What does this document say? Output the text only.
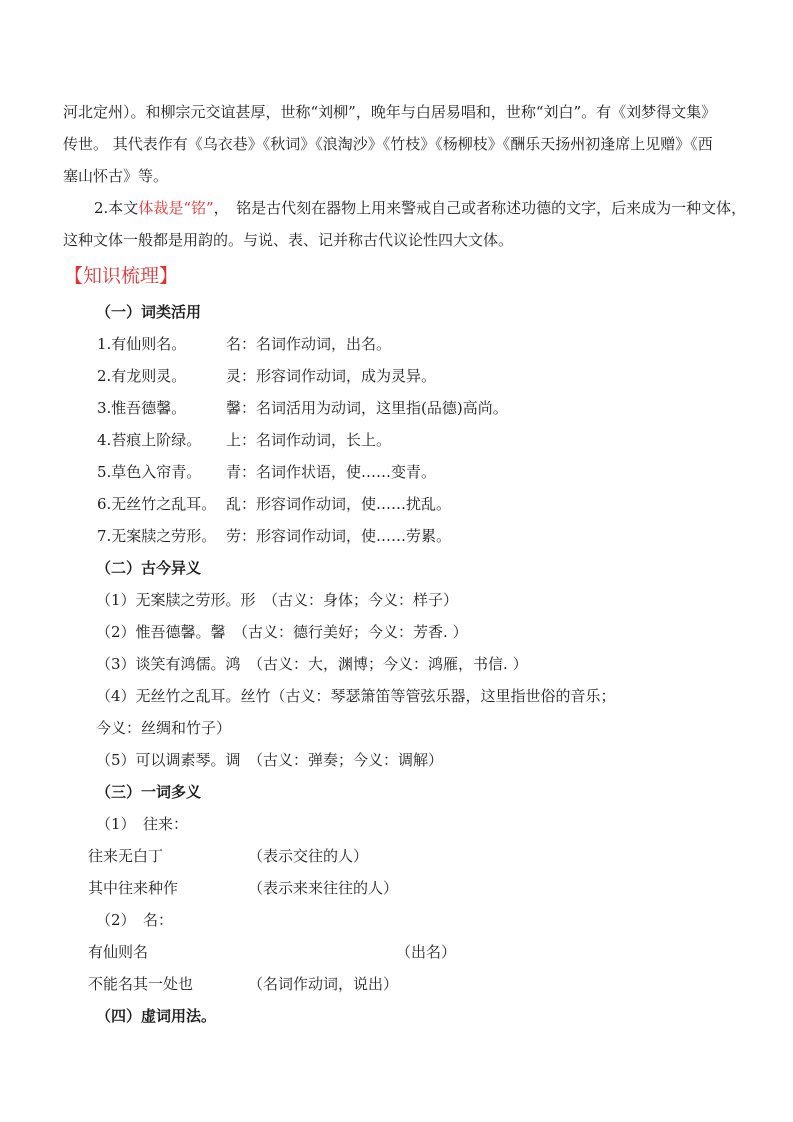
河北定州）。和柳宗元交谊甚厚，世称“刘柳”，晚年与白居易唱和，世称“刘白”。有《刘梦得文集》
传世。 其代表作有《乌衣巷》《秋词》《浪淘沙》《竹枝》《杨柳枝》《酬乐天扬州初逢席上见赠》《西
塞山怀古》等。
2.本文体裁是“铭”，　铭是古代刻在器物上用来警戒自己或者称述功德的文字，后来成为一种文体，
这种文体一般都是用韵的。与说、表、记并称古代议论性四大文体。
【知识梳理】
（一）词类活用
1.有仙则名。	名：名词作动词，出名。
2.有龙则灵。	灵：形容词作动词，成为灵异。
3.惟吾德馨。	馨：名词活用为动词，这里指(品德)高尚。
4.苔痕上阶绿。	上：名词作动词，长上。
5.草色入帘青。	青：名词作状语，使……变青。
6.无丝竹之乱耳。 乱：形容词作动词，使……扰乱。
7.无案牍之劳形。 劳：形容词作动词，使……劳累。
（二）古今异义
（1）无案牍之劳形。形　（古义：身体；今义：样子）
（2）惟吾德馨。馨　（古义：德行美好；今义：芳香. ）
（3）谈笑有鸿儒。鸿　（古义：大，渊博；今义：鸿雁，书信. ）
（4）无丝竹之乱耳。丝竹（古义：琴瑟箫笛等管弦乐器，这里指世俗的音乐；
今义：丝绸和竹子）
（5）可以调素琴。调　（古义：弹奏；今义：调解）
（三）一词多义
（1）　往来：
往来无白丁	（表示交往的人）
其中往来种作	（表示来来往往的人）
（2）　名：
有仙则名	（出名）
不能名其一处也	（名词作动词，说出）
（四）虚词用法。
